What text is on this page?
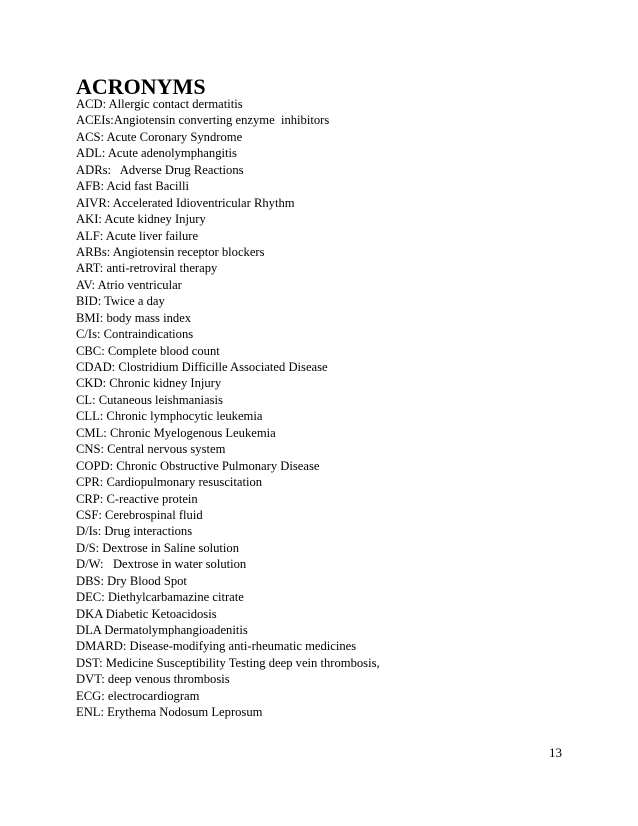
ACRONYMS
ACD: Allergic contact dermatitis
ACEIs:Angiotensin converting enzyme  inhibitors
ACS: Acute Coronary Syndrome
ADL: Acute adenolymphangitis
ADRs:   Adverse Drug Reactions
AFB: Acid fast Bacilli
AIVR: Accelerated Idioventricular Rhythm
AKI: Acute kidney Injury
ALF: Acute liver failure
ARBs: Angiotensin receptor blockers
ART: anti-retroviral therapy
AV: Atrio ventricular
BID: Twice a day
BMI: body mass index
C/Is: Contraindications
CBC: Complete blood count
CDAD: Clostridium Difficille Associated Disease
CKD: Chronic kidney Injury
CL: Cutaneous leishmaniasis
CLL: Chronic lymphocytic leukemia
CML: Chronic Myelogenous Leukemia
CNS: Central nervous system
COPD: Chronic Obstructive Pulmonary Disease
CPR: Cardiopulmonary resuscitation
CRP: C-reactive protein
CSF: Cerebrospinal fluid
D/Is: Drug interactions
D/S: Dextrose in Saline solution
D/W:   Dextrose in water solution
DBS: Dry Blood Spot
DEC: Diethylcarbamazine citrate
DKA Diabetic Ketoacidosis
DLA Dermatolymphangioadenitis
DMARD: Disease-modifying anti-rheumatic medicines
DST: Medicine Susceptibility Testing deep vein thrombosis,
DVT: deep venous thrombosis
ECG: electrocardiogram
ENL: Erythema Nodosum Leprosum
13
